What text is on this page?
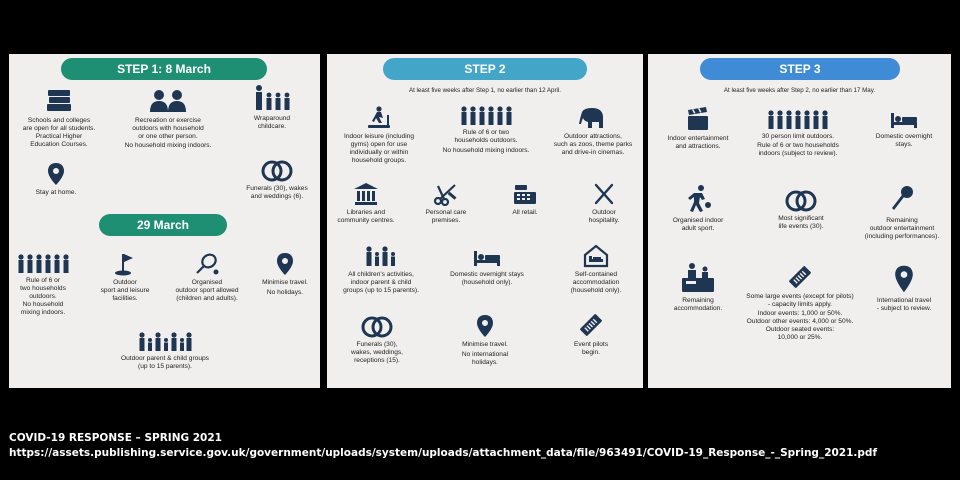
STEP 1: 8 March
Schools and colleges
are open for all students.
Practical Higher
Education Courses.
Recreation or exercise
outdoors with household
or one other person.
No household mixing indoors.
Wraparound
childcare.
Stay at home.
Funerals (30), wakes
and weddings (6).
29 March
Rule of 6 or
two households
outdoors.
No household
mixing indoors.
Outdoor
sport and leisure
facilities.
Organised
outdoor sport allowed
(children and adults).
Minimise travel.
No holidays.
Outdoor parent & child groups
(up to 15 parents).
STEP 2
At least five weeks after Step 1, no earlier than 12 April.
Indoor leisure (including
gyms) open for use
individually or within
household groups.
Rule of 6 or two
households outdoors.
No household mixing indoors.
Outdoor attractions,
such as zoos, theme parks
and drive-in cinemas.
Libraries and
community centres.
Personal care
premises.
All retail.	Outdoor
hospitality.
All children's activities,
indoor parent & child
groups (up to 15 parents).
Domestic overnight stays
(household only).
Self-contained
accommodation
(household only).
Funerals (30),
wakes, weddings,
receptions (15).
Minimise travel.
No international
holidays.
Event pilots
begin.
STEP 3
At least five weeks after Step 2, no earlier than 17 May.
Indoor entertainment
and attractions.
30 person limit outdoors.
Rule of 6 or two households
indoors (subject to review).
Domestic overnight
stays.
Organised indoor
adult sport.
Most significant
life events (30).
Remaining
outdoor entertainment
(including performances).
Remaining
accommodation.
Some large events (except for pilots)
- capacity limits apply.
Indoor events: 1,000 or 50%.
Outdoor other events: 4,000 or 50%.
Outdoor seated events:
10,000 or 25%.
International travel
- subject to review.
COVID-19 RESPONSE – SPRING 2021
https://assets.publishing.service.gov.uk/government/uploads/system/uploads/attachment_data/file/963491/COVID-19_Response_-_Spring_2021.pdf
